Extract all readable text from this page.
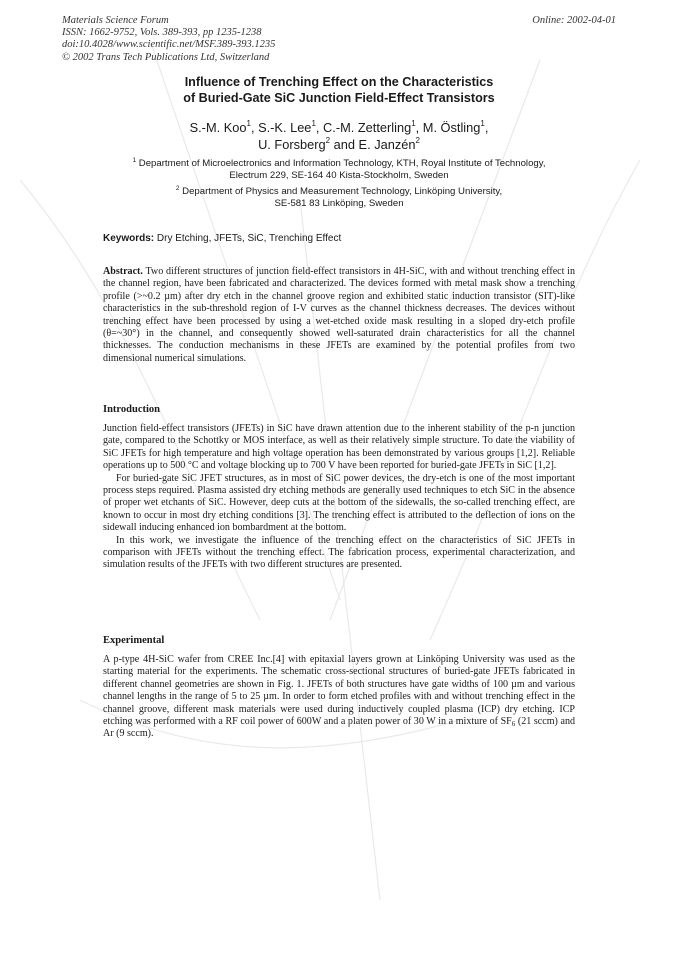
Materials Science Forum
ISSN: 1662-9752, Vols. 389-393, pp 1235-1238
doi:10.4028/www.scientific.net/MSF.389-393.1235
© 2002 Trans Tech Publications Ltd, Switzerland
Online: 2002-04-01
Influence of Trenching Effect on the Characteristics
of Buried-Gate SiC Junction Field-Effect Transistors
S.-M. Koo$^1$, S.-K. Lee$^1$, C.-M. Zetterling$^1$, M. Östling$^1$,
U. Forsberg$^2$ and E. Janzén$^2$
$^1$ Department of Microelectronics and Information Technology, KTH, Royal Institute of Technology,
Electrum 229, SE-164 40 Kista-Stockholm, Sweden
$^2$ Department of Physics and Measurement Technology, Linköping University,
SE-581 83 Linköping, Sweden
Keywords: Dry Etching, JFETs, SiC, Trenching Effect

Abstract. Two different structures of junction field-effect transistors in 4H-SiC, with and without trenching effect in the channel region, have been fabricated and characterized. The devices formed with metal mask show a trenching profile (>~0.2 µm) after dry etch in the channel groove region and exhibited static induction transistor (SIT)-like characteristics in the sub-threshold region of I-V curves as the channel thickness decreases. The devices without trenching effect have been processed by using a wet-etched oxide mask resulting in a sloped dry-etch profile (θ=~30°) in the channel, and consequently showed well-saturated drain characteristics for all the channel thicknesses. The conduction mechanisms in these JFETs are examined by the potential profiles from two dimensional numerical simulations.

Introduction

Junction field-effect transistors (JFETs) in SiC have drawn attention due to the inherent stability of the p-n junction gate, compared to the Schottky or MOS interface, as well as their relatively simple structure. To date the viability of SiC JFETs for high temperature and high voltage operation has been demonstrated by various groups [1,2]. Reliable operations up to 500 °C and voltage blocking up to 700 V have been reported for buried-gate JFETs in SiC [1,2].

For buried-gate SiC JFET structures, as in most of SiC power devices, the dry-etch is one of the most important process steps required. Plasma assisted dry etching methods are generally used techniques to etch SiC in the absence of proper wet etchants of SiC. However, deep cuts at the bottom of the sidewalls, the so-called trenching effect, are known to occur in most dry etching conditions [3]. The trenching effect is attributed to the deflection of ions on the sidewall inducing enhanced ion bombardment at the bottom.

In this work, we investigate the influence of the trenching effect on the characteristics of SiC JFETs in comparison with JFETs without the trenching effect. The fabrication process, experimental characterization, and simulation results of the JFETs with two different structures are presented.

Experimental

A p-type 4H-SiC wafer from CREE Inc.[4] with epitaxial layers grown at Linköping University was used as the starting material for the experiments. The schematic cross-sectional structures of buried-gate JFETs fabricated in different channel geometries are shown in Fig. 1. JFETs of both structures have gate widths of 100 µm and various channel lengths in the range of 5 to 25 µm. In order to form etched profiles with and without trenching effect in the channel groove, different mask materials were used during inductively coupled plasma (ICP) dry etching. ICP etching was performed with a RF coil power of 600W and a platen power of 30 W in a mixture of $SF_6$ (21 sccm) and Ar (9 sccm).
